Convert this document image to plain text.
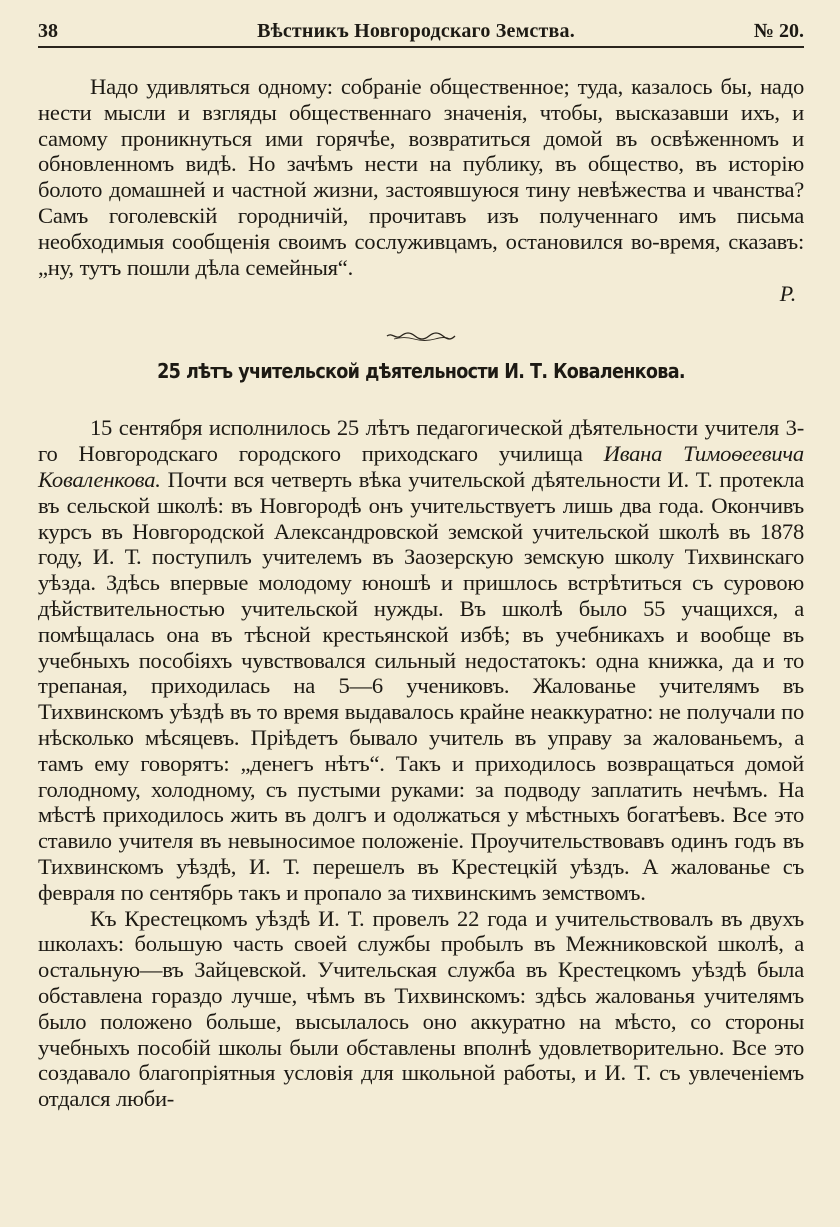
38	Вѣстникъ Новгородскаго Земства.	№ 20.

Надо удивляться одному: собраніе общественное; туда, казалось бы, надо нести мысли и взгляды общественнаго значенія, чтобы, высказавши ихъ, и самому проникнуться ими горячѣе, возвратиться домой въ освѣженномъ и обновленномъ видѣ. Но зачѣмъ нести на публику, въ общество, въ исторію болото домашней и частной жизни, застоявшуюся тину невѣжества и чванства? Самъ гоголевскій городничій, прочитавъ изъ полученнаго имъ письма необходимыя сообщенія своимъ сослуживцамъ, остановился во-время, сказавъ: „ну, тутъ пошли дѣла семейныя“.

Р.
25 лѣтъ учительской дѣятельности И. Т. Коваленкова.

15 сентября исполнилось 25 лѣтъ педагогической дѣятельности учителя 3-го Новгородскаго городского приходскаго училища Ивана Тимоѳеевича Коваленкова. Почти вся четверть вѣка учительской дѣятельности И. Т. протекла въ сельской школѣ: въ Новгородѣ онъ учительствуетъ лишь два года. Окончивъ курсъ въ Новгородской Александровской земской учительской школѣ въ 1878 году, И. Т. поступилъ учителемъ въ Заозерскую земскую школу Тихвинскаго уѣзда. Здѣсь впервые молодому юношѣ и пришлось встрѣтиться съ суровою дѣйствительностью учительской нужды. Въ школѣ было 55 учащихся, а помѣщалась она въ тѣсной крестьянской избѣ; въ учебникахъ и вообще въ учебныхъ пособіяхъ чувствовался сильный недостатокъ: одна книжка, да и то трепаная, приходилась на 5—6 учениковъ. Жалованье учителямъ въ Тихвинскомъ уѣздѣ въ то время выдавалось крайне неаккуратно: не получали по нѣсколько мѣсяцевъ. Пріѣдетъ бывало учитель въ управу за жалованьемъ, а тамъ ему говорятъ: „денегъ нѣтъ“. Такъ и приходилось возвращаться домой голодному, холодному, съ пустыми руками: за подводу заплатить нечѣмъ. На мѣстѣ приходилось жить въ долгъ и одолжаться у мѣстныхъ богатѣевъ. Все это ставило учителя въ невыносимое положеніе. Проучительствовавъ одинъ годъ въ Тихвинскомъ уѣздѣ, И. Т. перешелъ въ Крестецкій уѣздъ. А жалованье съ февраля по сентябрь такъ и пропало за тихвинскимъ земствомъ.

Къ Крестецкомъ уѣздѣ И. Т. провелъ 22 года и учительствовалъ въ двухъ школахъ: большую часть своей службы пробылъ въ Межниковской школѣ, а остальную—въ Зайцевской. Учительская служба въ Крестецкомъ уѣздѣ была обставлена гораздо лучше, чѣмъ въ Тихвинскомъ: здѣсь жалованья учителямъ было положено больше, высылалось оно аккуратно на мѣсто, со стороны учебныхъ пособій школы были обставлены вполнѣ удовлетворительно. Все это создавало благопріятныя условія для школьной работы, и И. Т. съ увлеченіемъ отдался люби-
